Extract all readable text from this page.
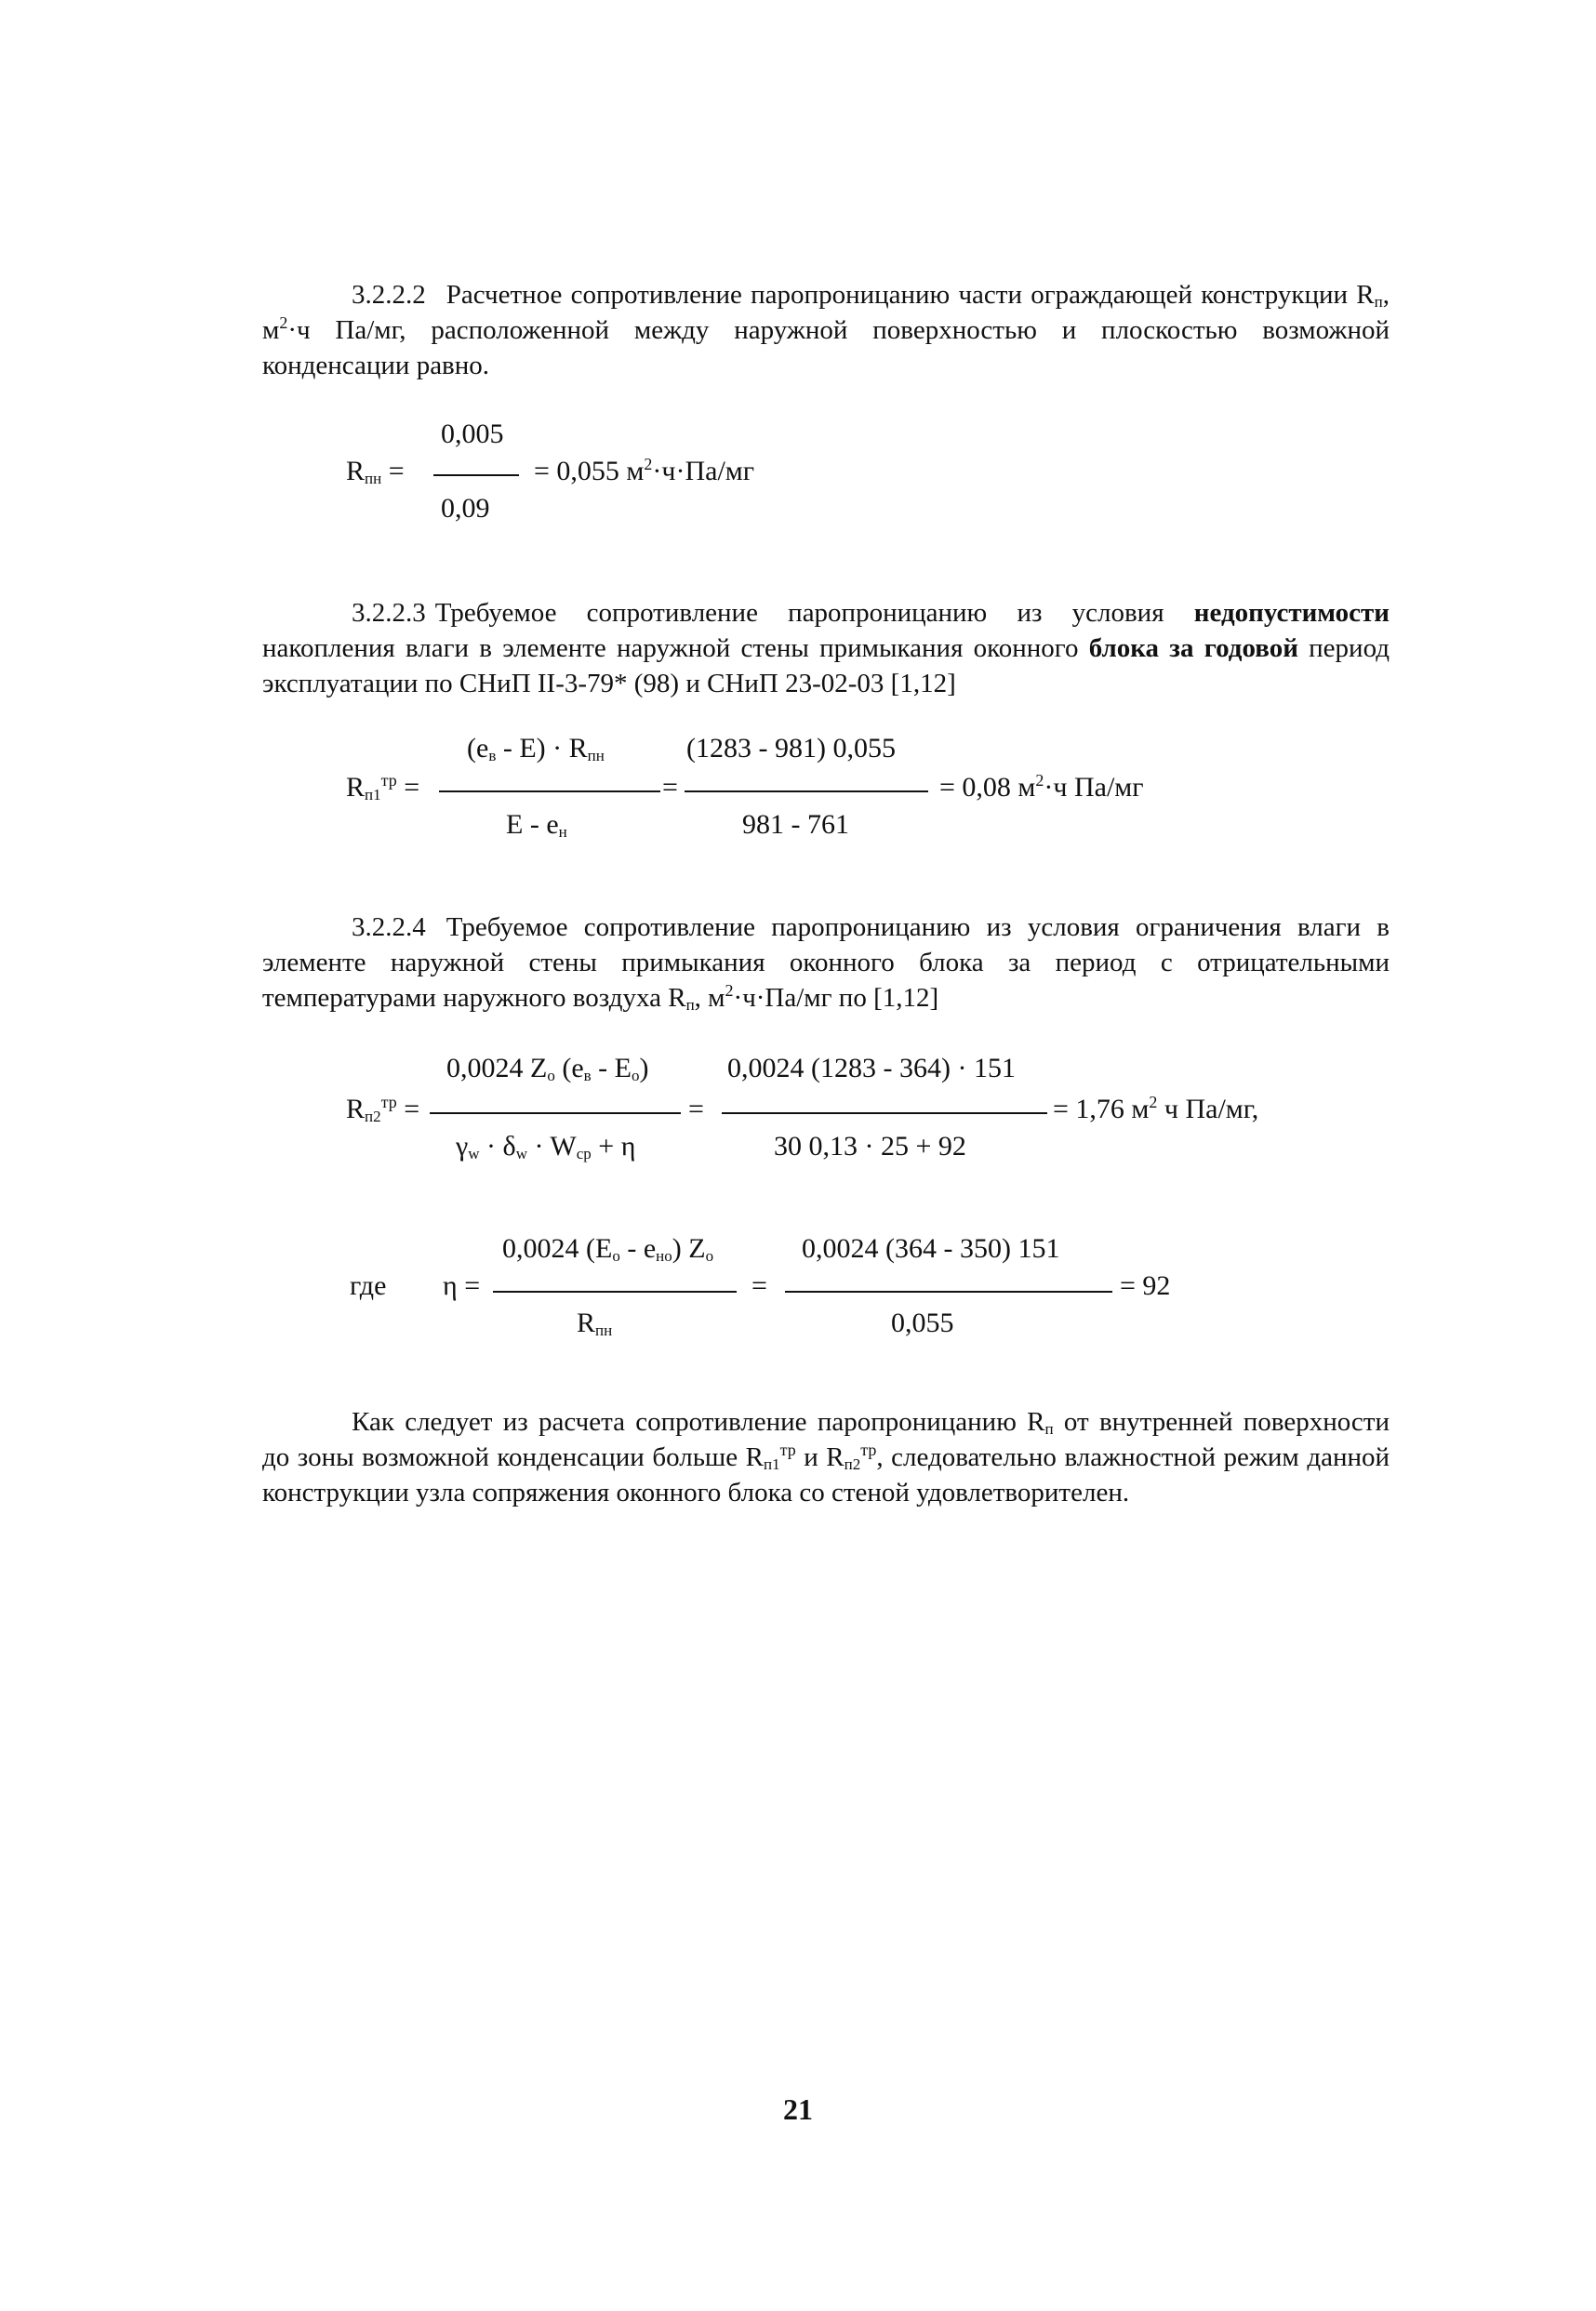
3.2.2.2 Расчетное сопротивление паропроницанию части ограждающей конструкции $R_п$, $м^2\cdot ч$ Па/мг, расположенной между наружной поверхностью и плоскостью возможной конденсации равно.
$R_{пн}$ =
0,005
0,09
= 0,055 $м^2\cdot ч\cdot Па/мг$
3.2.2.3 Требуемое сопротивление паропроницанию из условия недопустимости накопления влаги в элементе наружной стены примыкания оконного блока за годовой период эксплуатации по СНиП II-3-79* (98) и СНиП 23-02-03 [1,12]
$R_{п1}^{тр}$ =
$(e_в - E) \cdot R_{пн}$
E - $e_н$
=
(1283 - 981) 0,055
981 - 761
= 0,08 $м^2\cdot ч$ Па/мг
3.2.2.4 Требуемое сопротивление паропроницанию из условия ограничения влаги в элементе наружной стены примыкания оконного блока за период с отрицательными температурами наружного воздуха $R_п$, $м^2\cdot ч\cdot Па/мг$ по [1,12]
$R_{п2}^{тр}$ =
0,0024 $Z_о$ $(e_в - E_о)$
$\gamma_w \cdot \delta_w \cdot W_{ср} + \eta$
=
0,0024 (1283 - 364) · 151
30 0,13 · 25 + 92
= 1,76 $м^2$ ч Па/мг,
где η =
0,0024 $(E_о - e_{но})$ $Z_о$
$R_{пн}$
=
0,0024 (364 - 350) 151
0,055
= 92
Как следует из расчета сопротивление паропроницанию $R_п$ от внутренней поверхности до зоны возможной конденсации больше $R_{п1}^{тр}$ и $R_{п2}^{тр}$, следовательно влажностной режим данной конструкции узла сопряжения оконного блока со стеной удовлетворителен.
21
